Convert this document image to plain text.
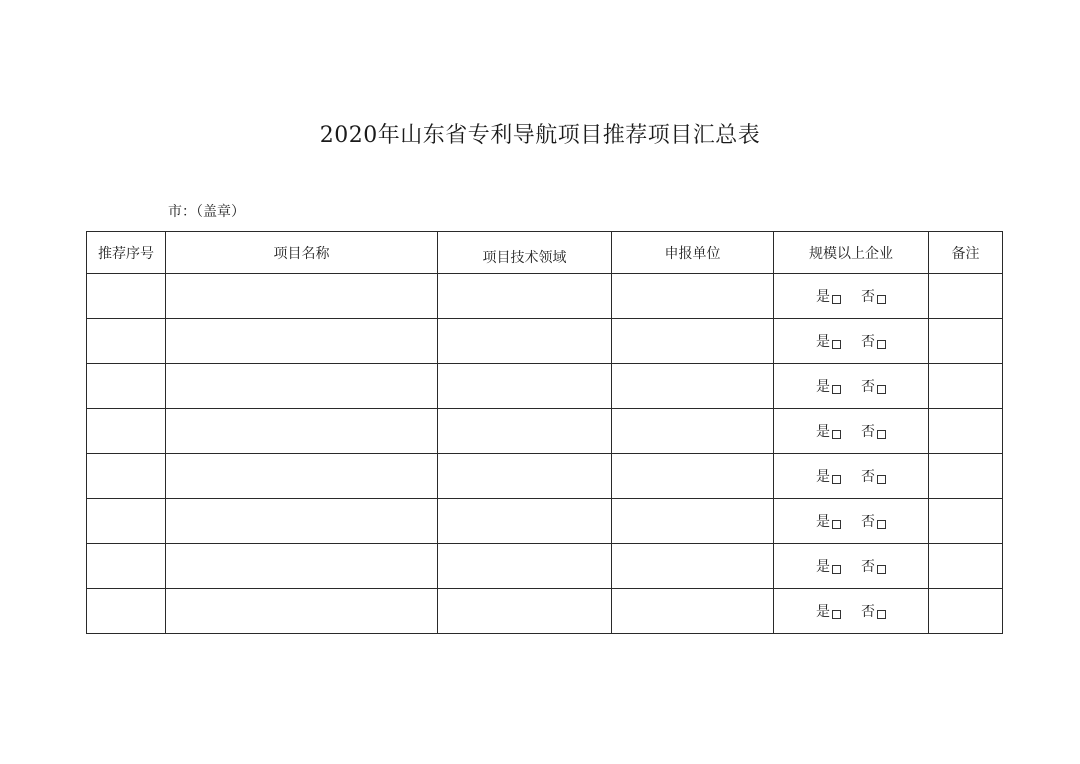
2020年山东省专利导航项目推荐项目汇总表
市：（盖章）
推荐序号	项目名称	项目技术领域	申报单位	规模以上企业	备注

				是 否	

				是 否	

				是 否	

				是 否	

				是 否	

				是 否	

				是 否	

				是 否	
